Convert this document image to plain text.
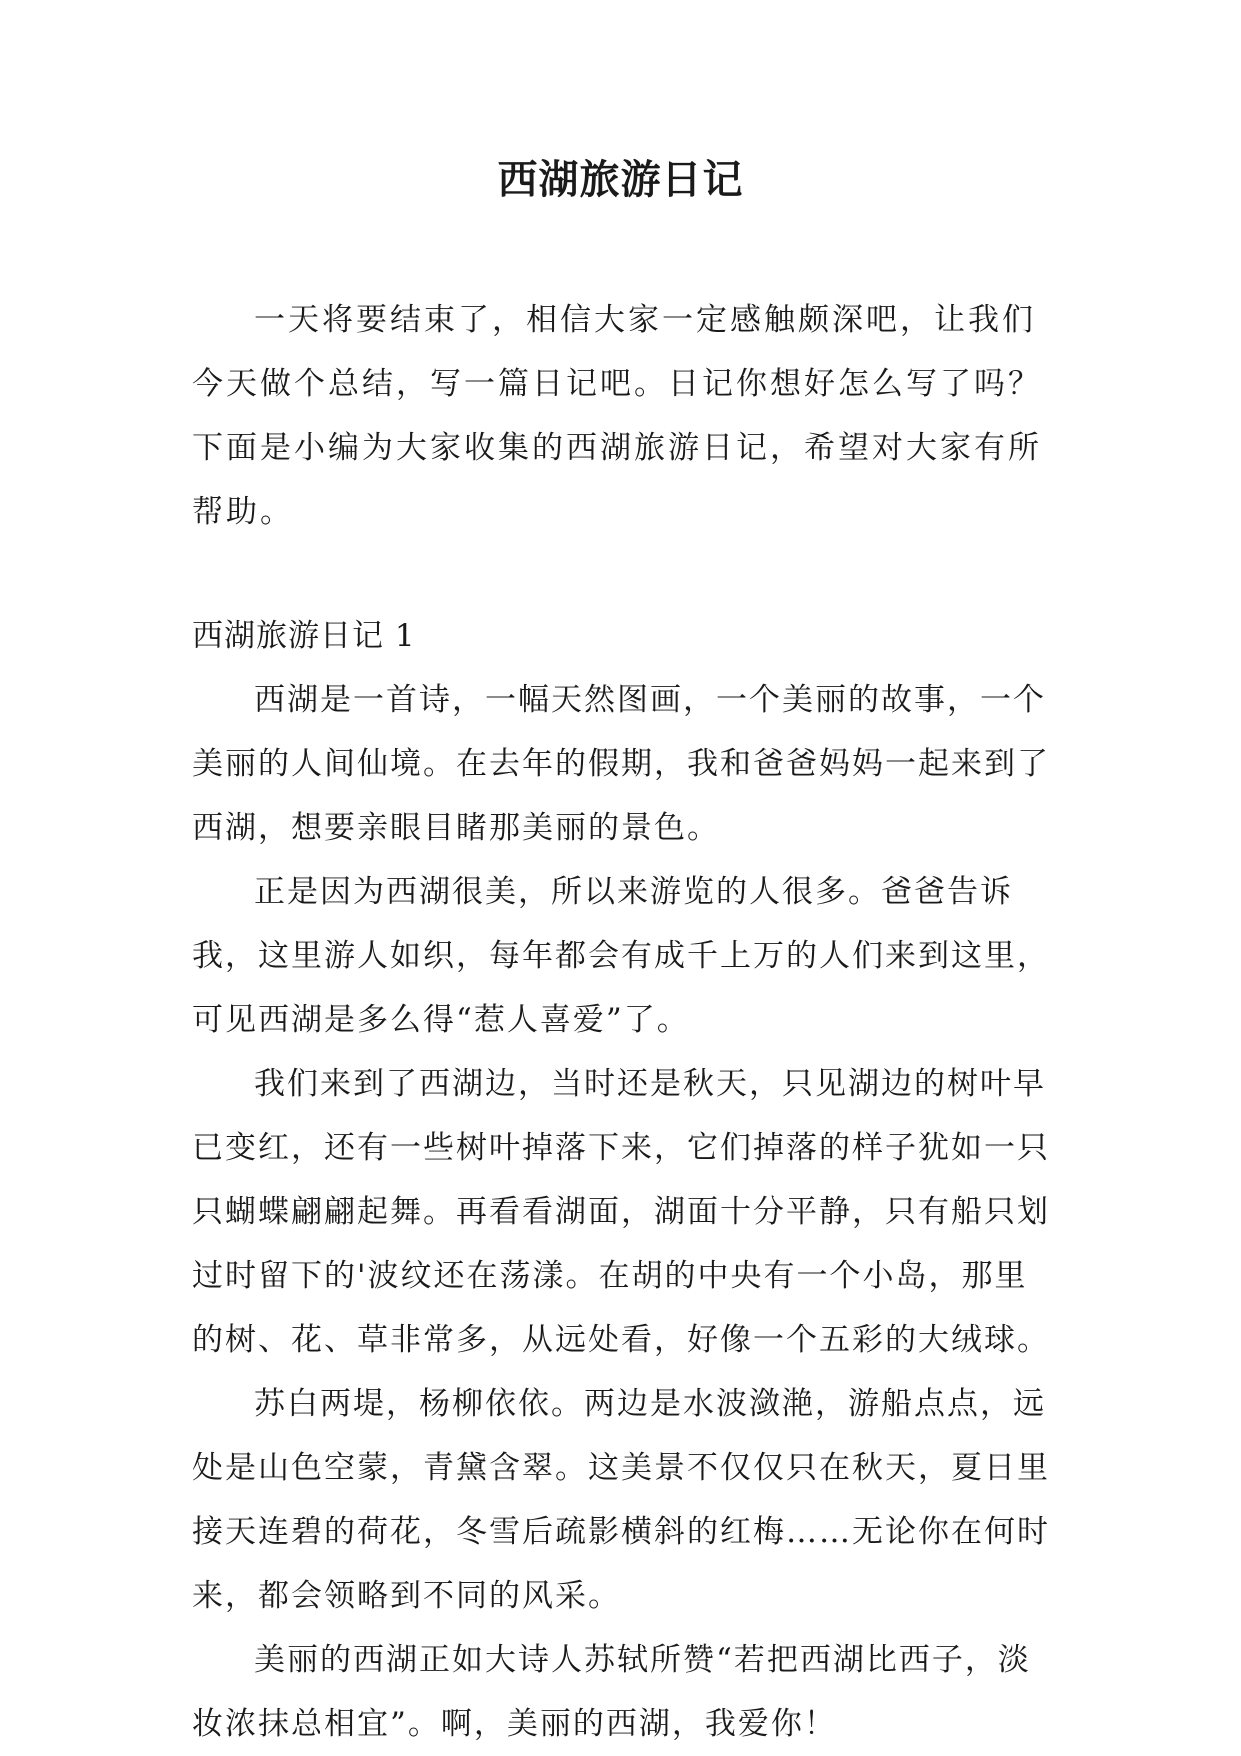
西湖旅游日记

一天将要结束了，相信大家一定感触颇深吧，让我们今天做个总结，写一篇日记吧。日记你想好怎么写了吗？下面是小编为大家收集的西湖旅游日记，希望对大家有所帮助。

西湖旅游日记 1

西湖是一首诗，一幅天然图画，一个美丽的故事，一个美丽的人间仙境。在去年的假期，我和爸爸妈妈一起来到了西湖，想要亲眼目睹那美丽的景色。

正是因为西湖很美，所以来游览的人很多。爸爸告诉我，这里游人如织，每年都会有成千上万的人们来到这里，可见西湖是多么得“惹人喜爱”了。

我们来到了西湖边，当时还是秋天，只见湖边的树叶早已变红，还有一些树叶掉落下来，它们掉落的样子犹如一只只蝴蝶翩翩起舞。再看看湖面，湖面十分平静，只有船只划过时留下的'波纹还在荡漾。在胡的中央有一个小岛，那里的树、花、草非常多，从远处看，好像一个五彩的大绒球。

苏白两堤，杨柳依依。两边是水波潋滟，游船点点，远处是山色空蒙，青黛含翠。这美景不仅仅只在秋天，夏日里接天连碧的荷花，冬雪后疏影横斜的红梅……无论你在何时来，都会领略到不同的风采。

美丽的西湖正如大诗人苏轼所赞“若把西湖比西子，淡妆浓抹总相宜”。啊，美丽的西湖，我爱你！
